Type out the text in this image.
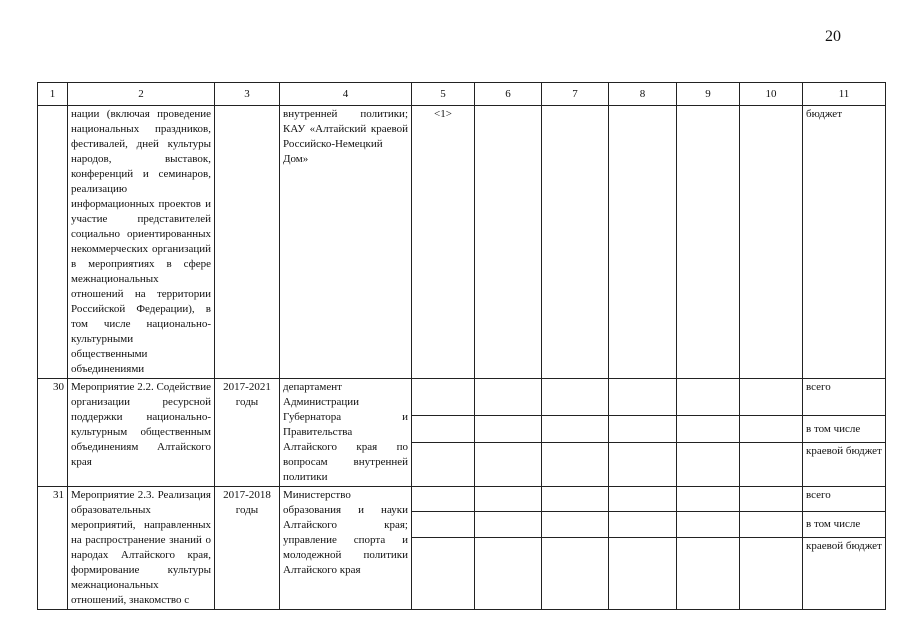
20
1	2	3	4	5	6	7	8	9	10	11
	нации (включая проведение национальных праздников, фестивалей, дней культуры народов, выставок, конференций и семинаров, реализацию информационных проектов и участие представителей социально ориентированных некоммерческих организаций в мероприятиях в сфере межнациональных отношений на территории Российской Федерации), в том числе национально-культурными общественными объединениями		внутренней политики; КАУ «Алтайский краевой Российско-Немецкий Дом»	<1>						бюджет
30	Мероприятие 2.2. Содействие организации ресурсной поддержки национально-культурным общественным объединениям Алтайского края	2017-2021 годы	департамент Администрации Губернатора и Правительства Алтайского края по вопросам внутренней политики							всего
										в том числе
										краевой бюджет
31	Мероприятие 2.3. Реализация образовательных мероприятий, направленных на распространение знаний о народах Алтайского края, формирование культуры межнациональных отношений, знакомство с	2017-2018 годы	Министерство образования и науки Алтайского края; управление спорта и молодежной политики Алтайского края							всего
										в том числе
										краевой бюджет
